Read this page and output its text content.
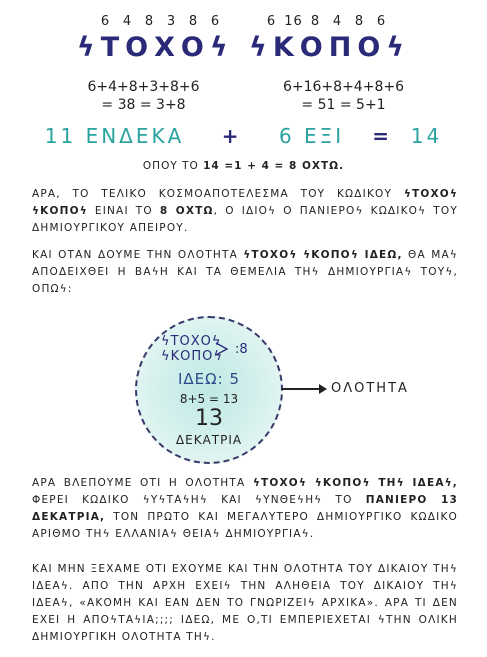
6 4 8 3 8 6	6 16 8 4 8 6
ϟΤΟΧΟϟ ϟΚΟΠΟϟ
6+4+8+3+8+6
= 38 = 3+8
6+16+8+4+8+6
= 51 = 5+1
11 ΕΝΔΕΚΑ + 6 ΕΞΙ = 14
ΟΠΟΥ ΤΟ 14 =1 + 4 = 8 ΟΧΤΩ.
ΑΡΑ, ΤΟ ΤΕΛΙΚΟ ΚΟΣΜΟΑΠΟΤΕΛΕΣΜΑ ΤΟΥ ΚΩΔΙΚΟΥ ϟΤΟΧΟϟ ϟΚΟΠΟϟ ΕΙΝΑΙ ΤΟ 8 ΟΧΤΩ, Ο ΙΔΙΟϟ Ο ΠΑΝΙΕΡΟϟ ΚΩΔΙΚΟϟ ΤΟΥ ΔΗΜΙΟΥΡΓΙΚΟΥ ΑΠΕΙΡΟΥ.
ΚΑΙ ΟΤΑΝ ΔΟΥΜΕ ΤΗΝ ΟΛΟΤΗΤΑ ϟΤΟΧΟϟ ϟΚΟΠΟϟ ΙΔΕΩ, ΘΑ ΜΑϟ ΑΠΟΔΕΙΧΘΕΙ Η ΒΑϟΗ ΚΑΙ ΤΑ ΘΕΜΕΛΙΑ ΤΗϟ ΔΗΜΙΟΥΡΓΙΑϟ ΤΟΥϟ, ΟΠΩϟ:
ϟΤΟΧΟϟ
ϟΚΟΠΟϟ :8
ΙΔΕΩ: 5
8+5 = 13
13
ΔΕΚΑΤΡΙΑ
ΟΛΟΤΗΤΑ
ΑΡΑ ΒΛΕΠΟΥΜΕ ΟΤΙ Η ΟΛΟΤΗΤΑ ϟΤΟΧΟϟ ϟΚΟΠΟϟ ΤΗϟ ΙΔΕΑϟ, ΦΕΡΕΙ ΚΩΔΙΚΟ ϟΥϟΤΑϟΗϟ ΚΑΙ ϟΥΝΘΕϟΗϟ ΤΟ ΠΑΝΙΕΡΟ 13 ΔΕΚΑΤΡΙΑ, ΤΟΝ ΠΡΩΤΟ ΚΑΙ ΜΕΓΑΛΥΤΕΡΟ ΔΗΜΙΟΥΡΓΙΚΟ ΚΩΔΙΚΟ ΑΡΙΘΜΟ ΤΗϟ ΕΛΛΑΝΙΑϟ ΘΕΙΑϟ ΔΗΜΙΟΥΡΓΙΑϟ.
ΚΑΙ ΜΗΝ ΞΕΧΑΜΕ ΟΤΙ ΕΧΟΥΜΕ ΚΑΙ ΤΗΝ ΟΛΟΤΗΤΑ ΤΟΥ ΔΙΚΑΙΟΥ ΤΗϟ ΙΔΕΑϟ. ΑΠΟ ΤΗΝ ΑΡΧΗ ΕΧΕΙϟ ΤΗΝ ΑΛΗΘΕΙΑ ΤΟΥ ΔΙΚΑΙΟΥ ΤΗϟ ΙΔΕΑϟ, «ΑΚΟΜΗ ΚΑΙ ΕΑΝ ΔΕΝ ΤΟ ΓΝΩΡΙΖΕΙϟ ΑΡΧΙΚΑ». ΑΡΑ ΤΙ ΔΕΝ ΕΧΕΙ Η ΑΠΟϟΤΑϟΙΑ;;;; ΙΔΕΩ, ΜΕ Ο,ΤΙ ΕΜΠΕΡΙΕΧΕΤΑΙ ϟΤΗΝ ΟΛΙΚΗ ΔΗΜΙΟΥΡΓΙΚΗ ΟΛΟΤΗΤΑ ΤΗϟ.
